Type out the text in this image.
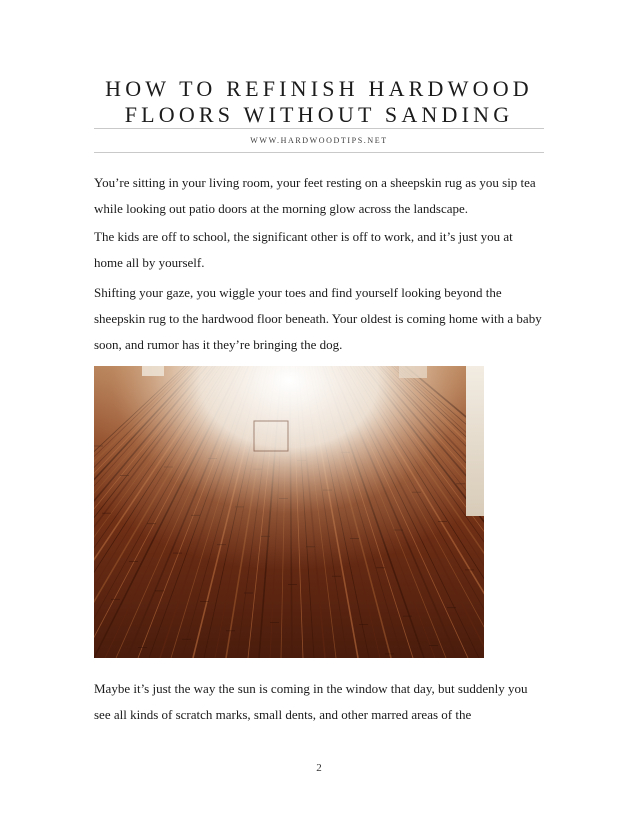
HOW TO REFINISH HARDWOOD
FLOORS WITHOUT SANDING
WWW.HARDWOODTIPS.NET

You’re sitting in your living room, your feet resting on a sheepskin rug as you sip tea while looking out patio doors at the morning glow across the landscape.

The kids are off to school, the significant other is off to work, and it’s just you at home all by yourself.

Shifting your gaze, you wiggle your toes and find yourself looking beyond the sheepskin rug to the hardwood floor beneath. Your oldest is coming home with a baby soon, and rumor has it they’re bringing the dog.

Maybe it’s just the way the sun is coming in the window that day, but suddenly you see all kinds of scratch marks, small dents, and other marred areas of the

2
